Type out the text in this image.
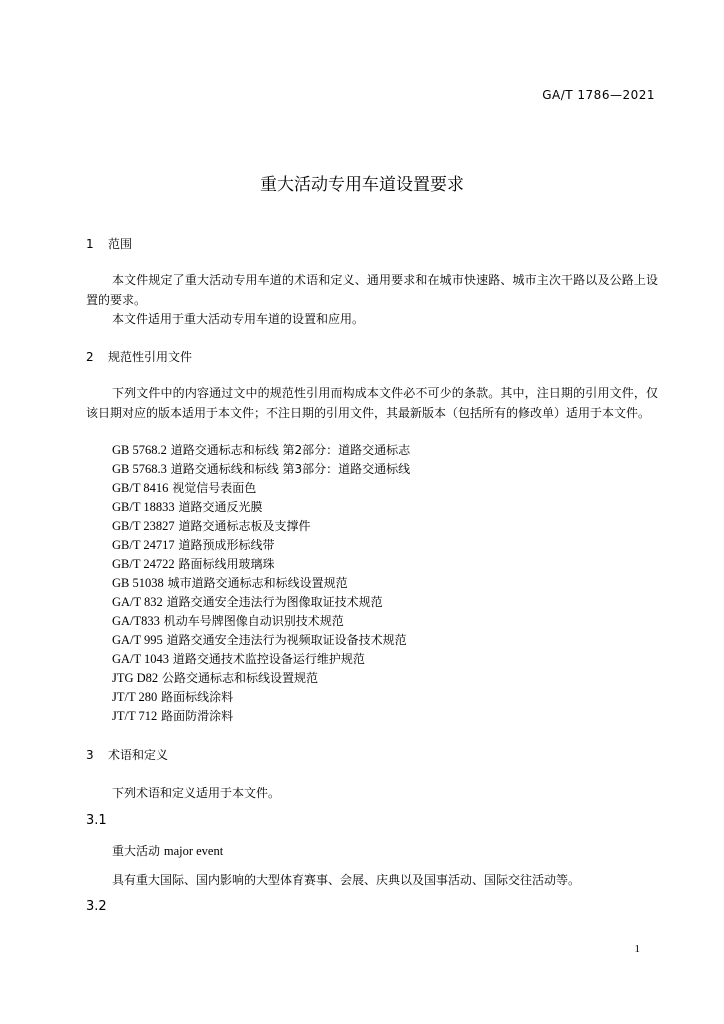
GA/T 1786—2021
重大活动专用车道设置要求
1 范围

本文件规定了重大活动专用车道的术语和定义、通用要求和在城市快速路、城市主次干路以及公路上设置的要求。

本文件适用于重大活动专用车道的设置和应用。
2 规范性引用文件

下列文件中的内容通过文中的规范性引用而构成本文件必不可少的条款。其中，注日期的引用文件，仅该日期对应的版本适用于本文件；不注日期的引用文件，其最新版本（包括所有的修改单）适用于本文件。

GB 5768.2 道路交通标志和标线 第2部分：道路交通标志
GB 5768.3 道路交通标线和标线 第3部分：道路交通标线
GB/T 8416 视觉信号表面色
GB/T 18833 道路交通反光膜
GB/T 23827 道路交通标志板及支撑件
GB/T 24717 道路预成形标线带
GB/T 24722 路面标线用玻璃珠
GB 51038 城市道路交通标志和标线设置规范
GA/T 832 道路交通安全违法行为图像取证技术规范
GA/T833 机动车号牌图像自动识别技术规范
GA/T 995 道路交通安全违法行为视频取证设备技术规范
GA/T 1043 道路交通技术监控设备运行维护规范
JTG D82 公路交通标志和标线设置规范
JT/T 280 路面标线涂料
JT/T 712 路面防滑涂料
3 术语和定义
下列术语和定义适用于本文件。
3.1
重大活动 major event
具有重大国际、国内影响的大型体育赛事、会展、庆典以及国事活动、国际交往活动等。
3.2
1
